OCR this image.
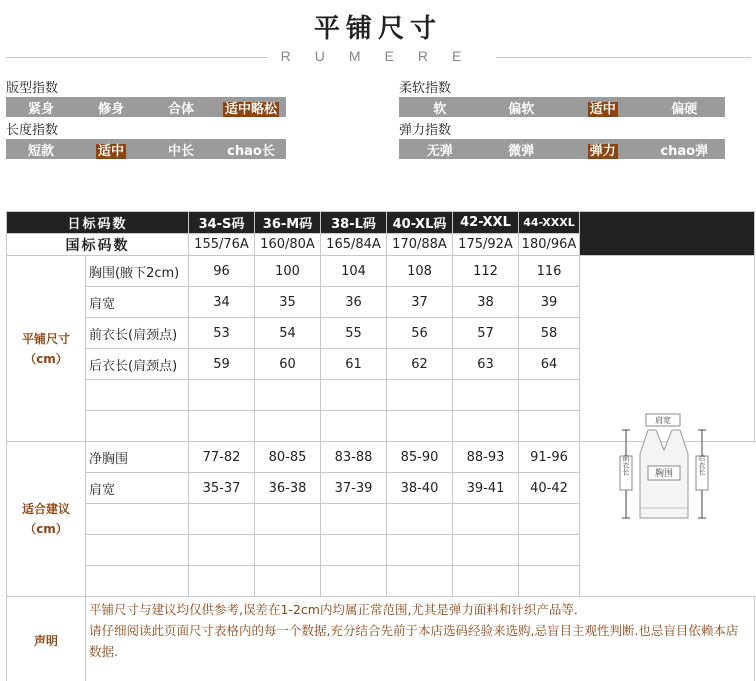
平铺尺寸
RUMERE
版型指数
紧身	修身	合体	适中略松
柔软指数
软	偏软	适中	偏硬
长度指数
短款	适中	中长	chao长
弹力指数
无弹	微弹	弹力	chao弹
日标码数		34-S码	36-M码	38-L码	40-XL码	42-XXL	44-XXXL	尺寸参照说明
国标码数		155/76A	160/80A	165/84A	170/88A	175/92A	180/96A	
平铺尺寸
（cm）	胸围(腋下2cm)	96	100	104	108	112	116	
	肩宽	34	35	36	37	38	39	
	前衣长(肩颈点)	53	54	55	56	57	58	
	后衣长(肩颈点)	59	60	61	62	63	64	

适合建议
（cm）	净胸围	77-82	80-85	83-88	85-90	88-93	91-96	
	肩宽	35-37	36-38	37-39	38-40	39-41	40-42	

声明	平铺尺寸与建议均仅供参考,误差在1-2cm内均属正常范围,尤其是弹力面料和针织产品等.
请仔细阅读此页面尺寸表格内的每一个数据,充分结合先前于本店选码经验来选购,忌盲目主观性判断.也忌盲目依赖本店数据.							
肩宽
前衣长	后衣长
胸围
